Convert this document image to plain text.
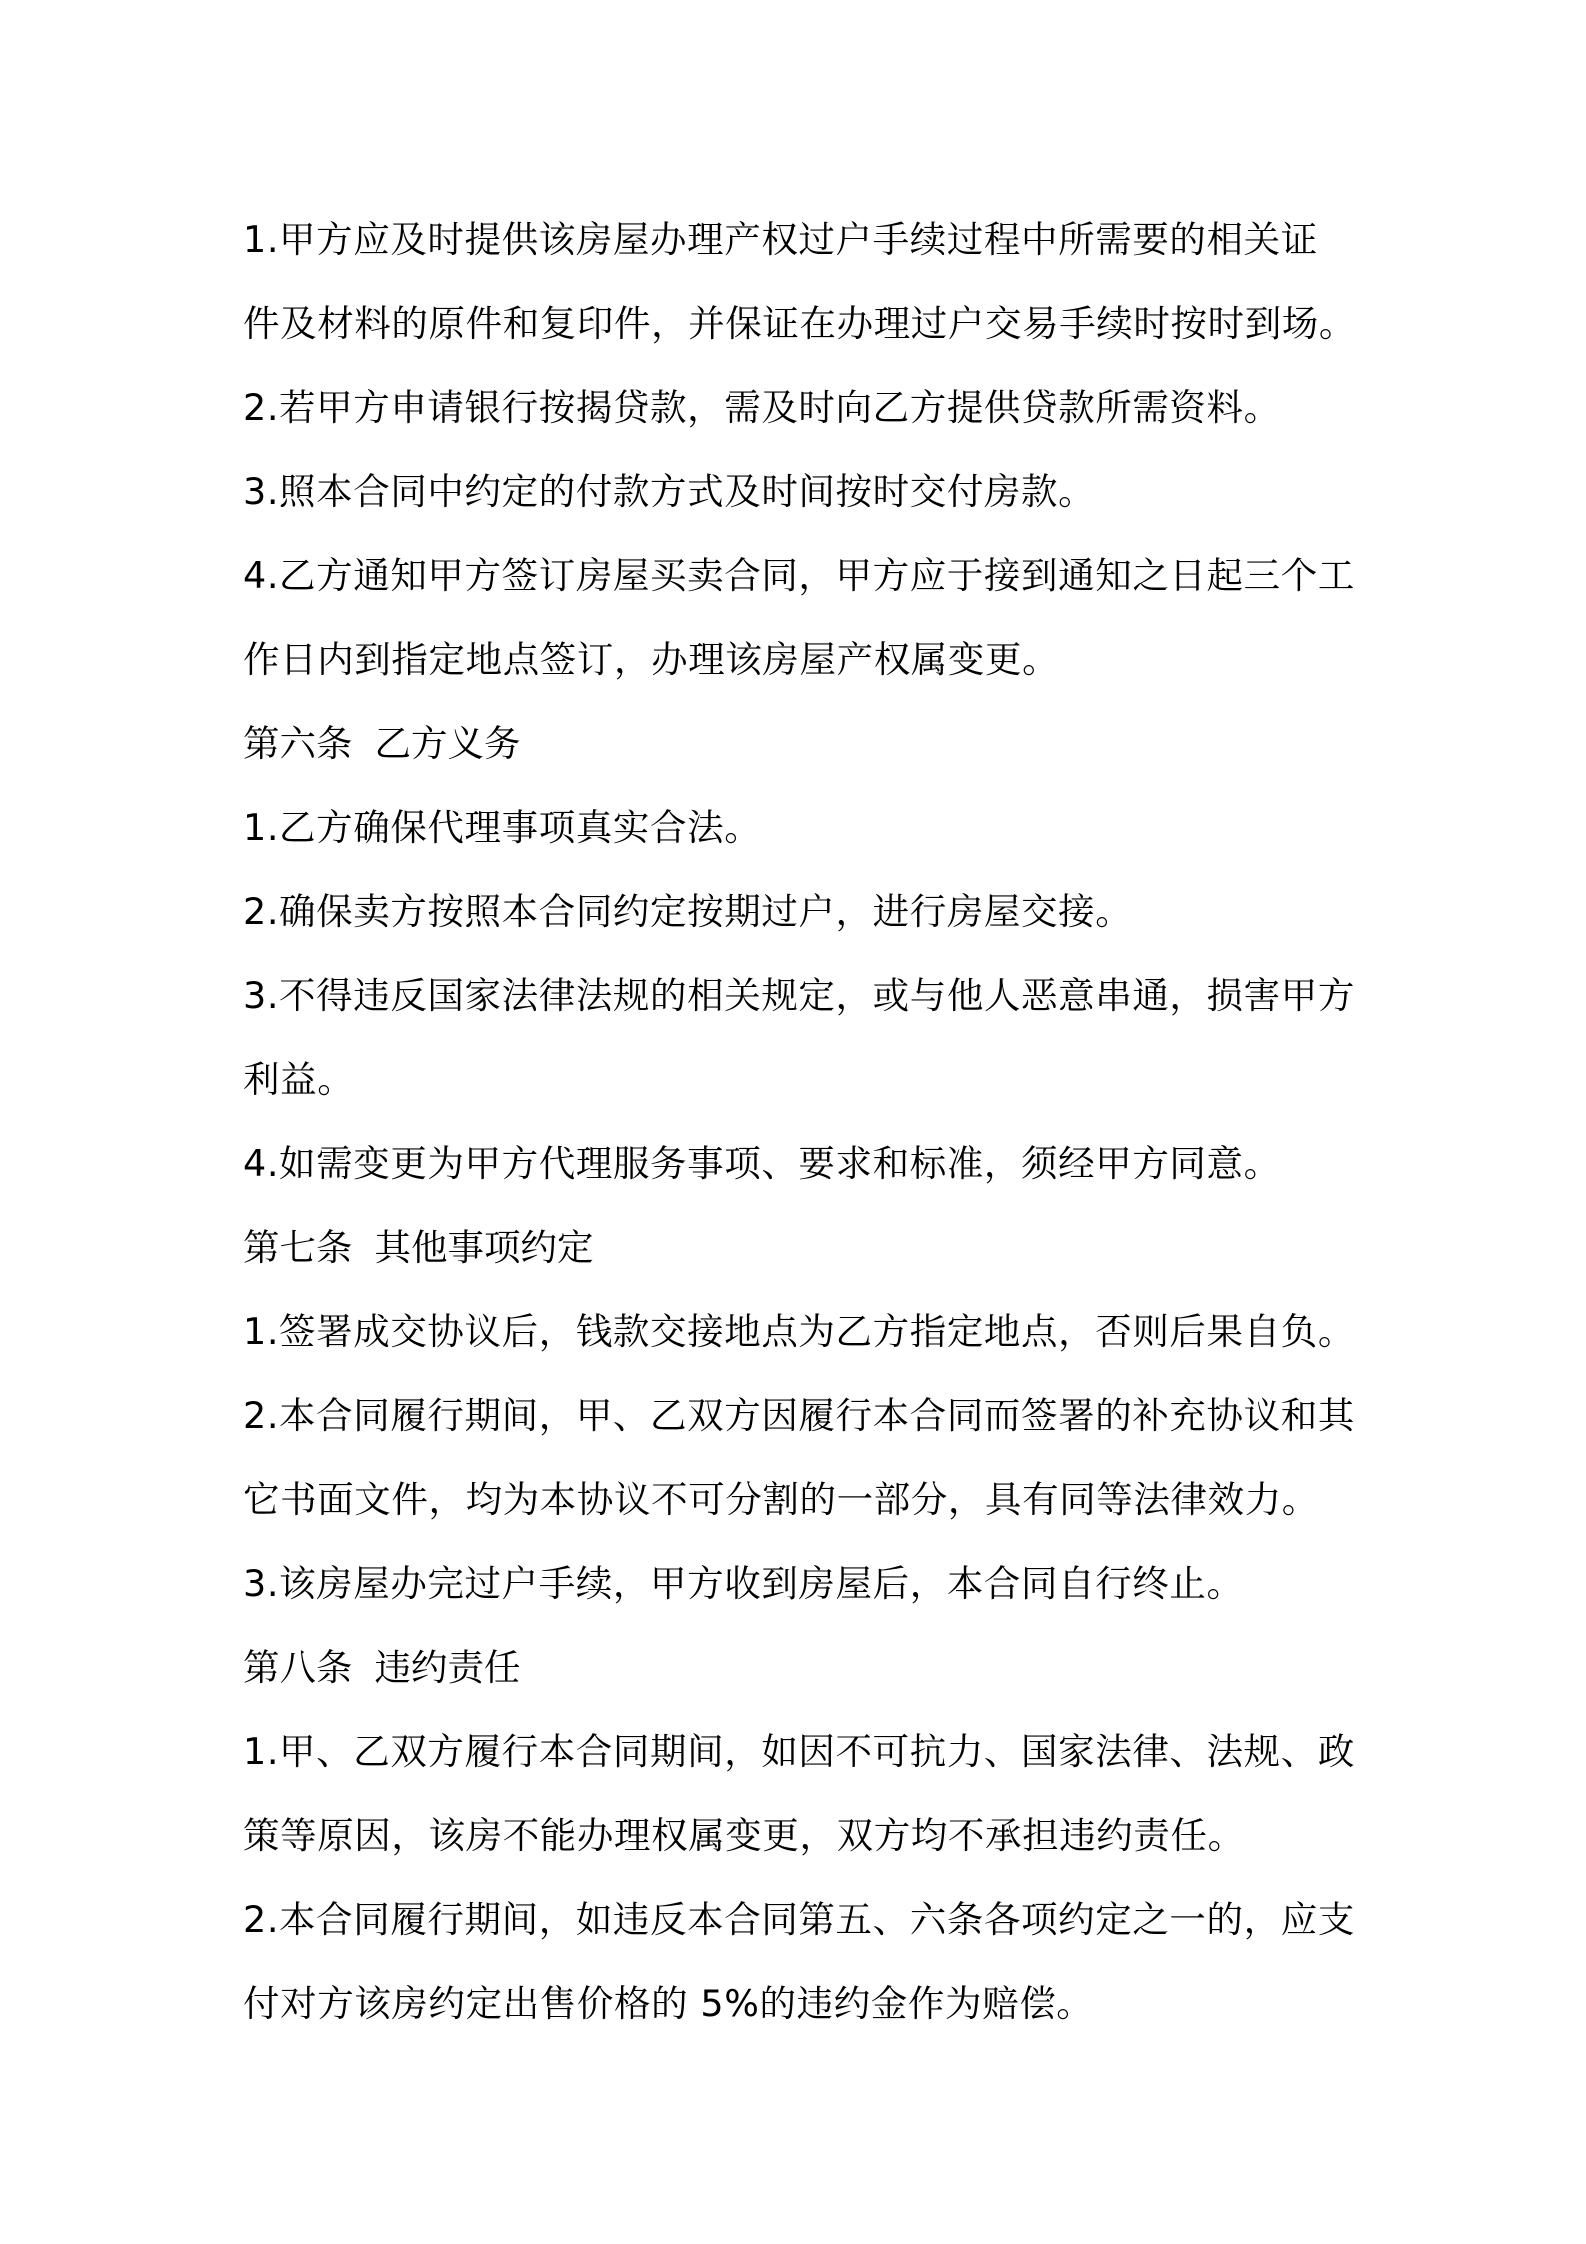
1.甲方应及时提供该房屋办理产权过户手续过程中所需要的相关证
件及材料的原件和复印件，并保证在办理过户交易手续时按时到场。
2.若甲方申请银行按揭贷款，需及时向乙方提供贷款所需资料。
3.照本合同中约定的付款方式及时间按时交付房款。
4.乙方通知甲方签订房屋买卖合同，甲方应于接到通知之日起三个工
作日内到指定地点签订，办理该房屋产权属变更。
第六条 乙方义务
1.乙方确保代理事项真实合法。
2.确保卖方按照本合同约定按期过户，进行房屋交接。
3.不得违反国家法律法规的相关规定，或与他人恶意串通，损害甲方
利益。
4.如需变更为甲方代理服务事项、要求和标准，须经甲方同意。
第七条 其他事项约定
1.签署成交协议后，钱款交接地点为乙方指定地点，否则后果自负。
2.本合同履行期间，甲、乙双方因履行本合同而签署的补充协议和其
它书面文件，均为本协议不可分割的一部分，具有同等法律效力。
3.该房屋办完过户手续，甲方收到房屋后，本合同自行终止。
第八条 违约责任
1.甲、乙双方履行本合同期间，如因不可抗力、国家法律、法规、政
策等原因，该房不能办理权属变更，双方均不承担违约责任。
2.本合同履行期间，如违反本合同第五、六条各项约定之一的，应支
付对方该房约定出售价格的 5%的违约金作为赔偿。
